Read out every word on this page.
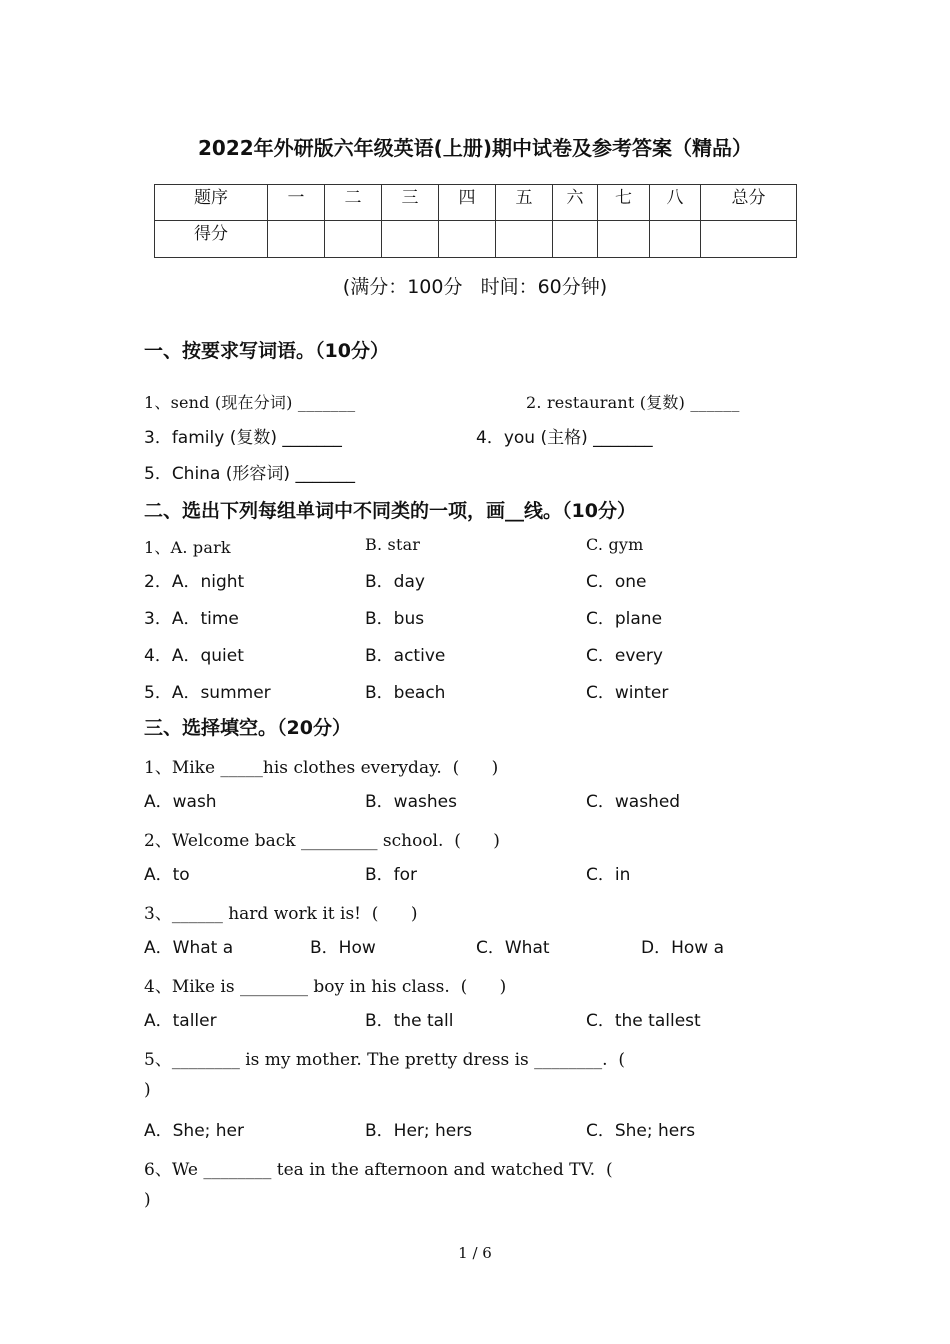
2022年外研版六年级英语(上册)期中试卷及参考答案（精品）
题序	一	二	三	四	五	六	七	八	总分
得分									
(满分：100分   时间：60分钟)
一、按要求写词语。（10分）
1、send (现在分词) _______	2. restaurant (复数) ______
3．family (复数) _______	4．you (主格) _______
5．China (形容词) _______
二、选出下列每组单词中不同类的一项，画__线。（10分）
1、A. park	B. star	C. gym
2．A．night	B．day	C．one
3．A．time	B．bus	C．plane
4．A．quiet	B．active	C．every
5．A．summer	B．beach	C．winter
三、选择填空。（20分）
1、Mike _____his clothes everyday.  (      )
A．wash	B．washes	C．washed
2、Welcome back _________ school.  (      )
A．to	B．for	C．in
3、______ hard work it is!  (      )
A．What a	B．How	C．What	D．How a
4、Mike is ________ boy in his class.  (      )
A．taller	B．the tall	C．the tallest
5、________ is my mother. The pretty dress is ________.  (
)
A．She; her	B．Her; hers	C．She; hers
6、We ________ tea in the afternoon and watched TV.  (
)
1 / 6
